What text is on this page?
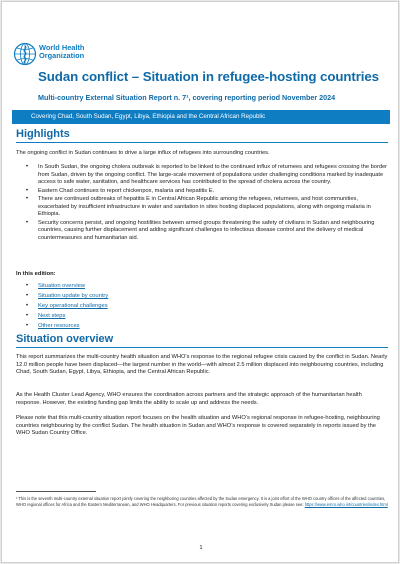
World Health
Organization
Sudan conflict – Situation in refugee-hosting countries
Multi-country External Situation Report n. 7¹, covering reporting period November 2024
Covering Chad, South Sudan, Egypt, Libya, Ethiopia and the Central African Republic
Highlights
The ongoing conflict in Sudan continues to drive a large influx of refugees into surrounding countries.
• In South Sudan, the ongoing cholera outbreak is reported to be linked to the continued influx of returnees and refugees crossing the border from Sudan, driven by the ongoing conflict. The large-scale movement of populations under challenging conditions marked by inadequate access to safe water, sanitation, and healthcare services has contributed to the spread of cholera across the country.
• Eastern Chad continues to report chickenpox, malaria and hepatitis E.
• There are continued outbreaks of hepatitis E in Central African Republic among the refugees, returnees, and host communities, exacerbated by insufficient infrastructure in water and sanitation in sites hosting displaced populations, along with ongoing malaria in Ethiopia.
• Security concerns persist, and ongoing hostilities between armed groups threatening the safety of civilians in Sudan and neighbouring countries, causing further displacement and adding significant challenges to infectious disease control and the delivery of medical countermeasures and humanitarian aid.
In this edition:
• Situation overview
• Situation update by country
• Key operational challenges
• Next steps
• Other resources
Situation overview
This report summarizes the multi-country health situation and WHO’s response to the regional refugee crisis caused by the conflict in Sudan. Nearly 12.0 million people have been displaced—the largest number in the world—with almost 2.5 million displaced into neighbouring countries, including Chad, South Sudan, Egypt, Libya, Ethiopia, and the Central African Republic.
As the Health Cluster Lead Agency, WHO ensures the coordination across partners and the strategic approach of the humanitarian health response. However, the existing funding gap limits the ability to scale up and address the needs.
Please note that this multi-country situation report focuses on the health situation and WHO’s regional response in refugee-hosting, neighbouring countries neighbouring by the conflict Sudan. The health situation in Sudan and WHO’s response is covered separately in reports issued by the WHO Sudan Country Office.
¹ This is the seventh multi-country external situation report jointly covering the neighboring countries affected by the Sudan emergency. It is a joint effort of the WHO country offices of the affected countries, WHO regional offices for Africa and the Eastern Mediterranean, and WHO Headquarters. For previous situation reports covering exclusively Sudan please see: https://www.emro.who.int/countries/index.html
1
